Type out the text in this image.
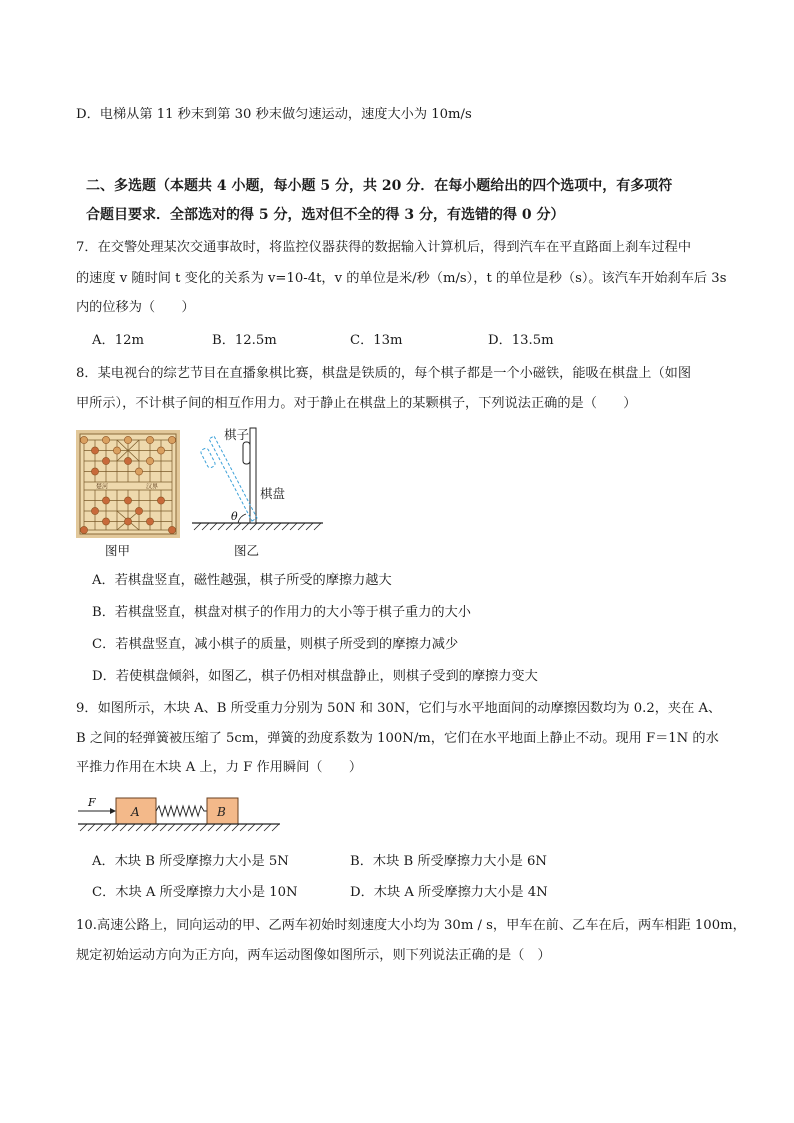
D．电梯从第 11 秒末到第 30 秒末做匀速运动，速度大小为 10m/s
二、多选题（本题共 4 小题，每小题 5 分，共 20 分．在每小题给出的四个选项中，有多项符
合题目要求．全部选对的得 5 分，选对但不全的得 3 分，有选错的得 0 分）
7．在交警处理某次交通事故时，将监控仪器获得的数据输入计算机后，得到汽车在平直路面上刹车过程中
的速度 v 随时间 t 变化的关系为 v=10-4t，v 的单位是米/秒（m/s），t 的单位是秒（s）。该汽车开始刹车后 3s
内的位移为（　　）
A．12m	B．12.5m	C．13m	D．13.5m
8．某电视台的综艺节目在直播象棋比赛，棋盘是铁质的，每个棋子都是一个小磁铁，能吸在棋盘上（如图
甲所示），不计棋子间的相互作用力。对于静止在棋盘上的某颗棋子，下列说法正确的是（　　）
楚河	汉界
图甲
θ
棋子
棋盘
图乙
A．若棋盘竖直，磁性越强，棋子所受的摩擦力越大
B．若棋盘竖直，棋盘对棋子的作用力的大小等于棋子重力的大小
C．若棋盘竖直，减小棋子的质量，则棋子所受到的摩擦力减少
D．若使棋盘倾斜，如图乙，棋子仍相对棋盘静止，则棋子受到的摩擦力变大
9．如图所示，木块 A、B 所受重力分别为 50N 和 30N，它们与水平地面间的动摩擦因数均为 0.2，夹在 A、
B 之间的轻弹簧被压缩了 5cm，弹簧的劲度系数为 100N/m，它们在水平地面上静止不动。现用 F＝1N 的水
平推力作用在木块 A 上，力 F 作用瞬间（　　）
F
A	B
A．木块 B 所受摩擦力大小是 5N	B．木块 B 所受摩擦力大小是 6N
C．木块 A 所受摩擦力大小是 10N	D．木块 A 所受摩擦力大小是 4N
10.高速公路上，同向运动的甲、乙两车初始时刻速度大小均为 30m / s，甲车在前、乙车在后，两车相距 100m，
规定初始运动方向为正方向，两车运动图像如图所示，则下列说法正确的是（　）
